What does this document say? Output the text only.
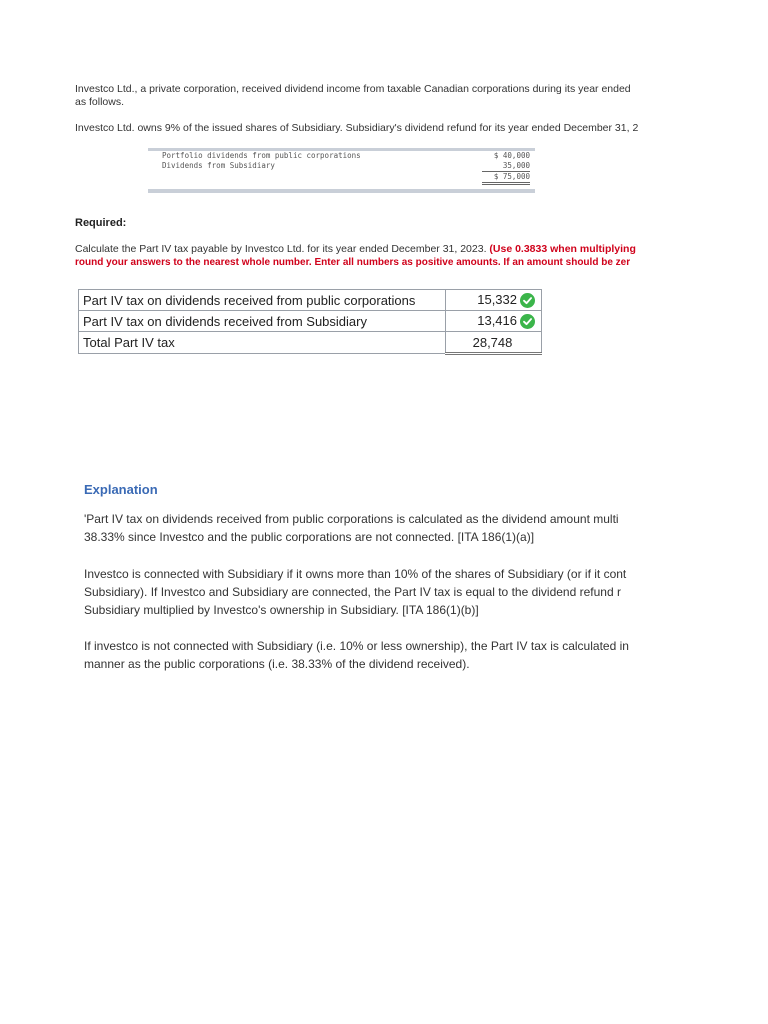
Investco Ltd., a private corporation, received dividend income from taxable Canadian corporations during its year ended
as follows.
Investco Ltd. owns 9% of the issued shares of Subsidiary. Subsidiary's dividend refund for its year ended December 31, 2
Portfolio dividends from public corporations	$ 40,000
Dividends from Subsidiary	35,000
$ 75,000
Required:
Calculate the Part IV tax payable by Investco Ltd. for its year ended December 31, 2023. (Use 0.3833 when multiplying
round your answers to the nearest whole number. Enter all numbers as positive amounts. If an amount should be zer
Part IV tax on dividends received from public corporations	15,332
Part IV tax on dividends received from Subsidiary	13,416
Total Part IV tax	28,748
Explanation
'Part IV tax on dividends received from public corporations is calculated as the dividend amount multi
38.33% since Investco and the public corporations are not connected. [ITA 186(1)(a)]
Investco is connected with Subsidiary if it owns more than 10% of the shares of Subsidiary (or if it cont
Subsidiary). If Investco and Subsidiary are connected, the Part IV tax is equal to the dividend refund r
Subsidiary multiplied by Investco's ownership in Subsidiary. [ITA 186(1)(b)]
If investco is not connected with Subsidiary (i.e. 10% or less ownership), the Part IV tax is calculated in
manner as the public corporations (i.e. 38.33% of the dividend received).
